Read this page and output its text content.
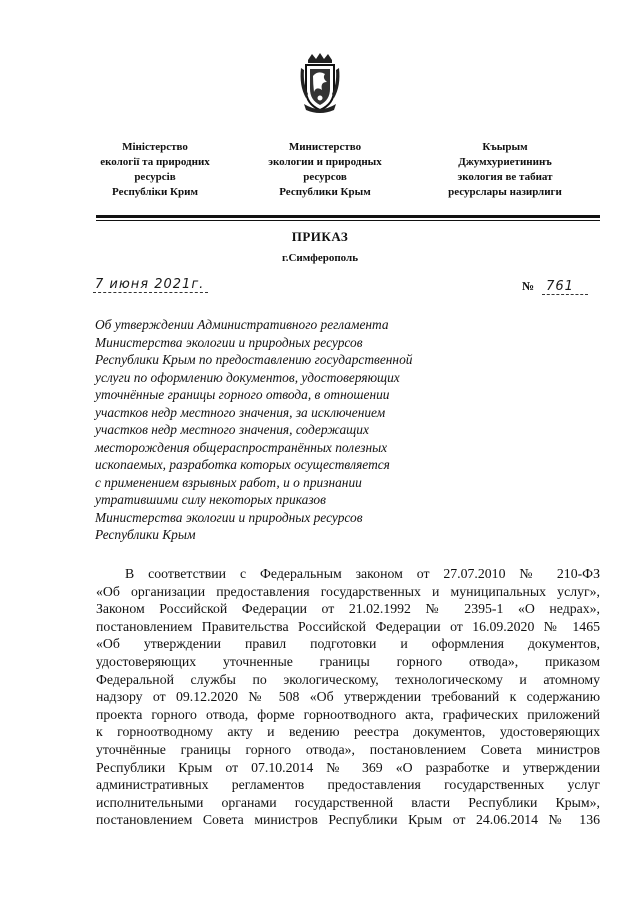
Міністерство
екології та природних
ресурсів
Республіки Крим
Министерство
экологии и природных
ресурсов
Республики Крым
Къырым
Джумхуриетининъ
экология ве табиат
ресурслары назирлиги
ПРИКАЗ
г.Симферополь
7 июня 2021г.	№ 761
Об утверждении Административного регламента
Министерства экологии и природных ресурсов
Республики Крым по предоставлению государственной
услуги по оформлению документов, удостоверяющих
уточнённые границы горного отвода, в отношении
участков недр местного значения, за исключением
участков недр местного значения, содержащих
месторождения общераспространённых полезных
ископаемых, разработка которых осуществляется
с применением взрывных работ, и о признании
утратившими силу некоторых приказов
Министерства экологии и природных ресурсов
Республики Крым
В соответствии с Федеральным законом от 27.07.2010 № 210-ФЗ
«Об организации предоставления государственных и муниципальных услуг»,
Законом Российской Федерации от 21.02.1992 № 2395-1 «О недрах»,
постановлением Правительства Российской Федерации от 16.09.2020 № 1465
«Об утверждении правил подготовки и оформления документов,
удостоверяющих уточненные границы горного отвода», приказом
Федеральной службы по экологическому, технологическому и атомному
надзору от 09.12.2020 № 508 «Об утверждении требований к содержанию
проекта горного отвода, форме горноотводного акта, графических приложений
к горноотводному акту и ведению реестра документов, удостоверяющих
уточнённые границы горного отвода», постановлением Совета министров
Республики Крым от 07.10.2014 № 369 «О разработке и утверждении
административных регламентов предоставления государственных услуг
исполнительными органами государственной власти Республики Крым»,
постановлением Совета министров Республики Крым от 24.06.2014 № 136
